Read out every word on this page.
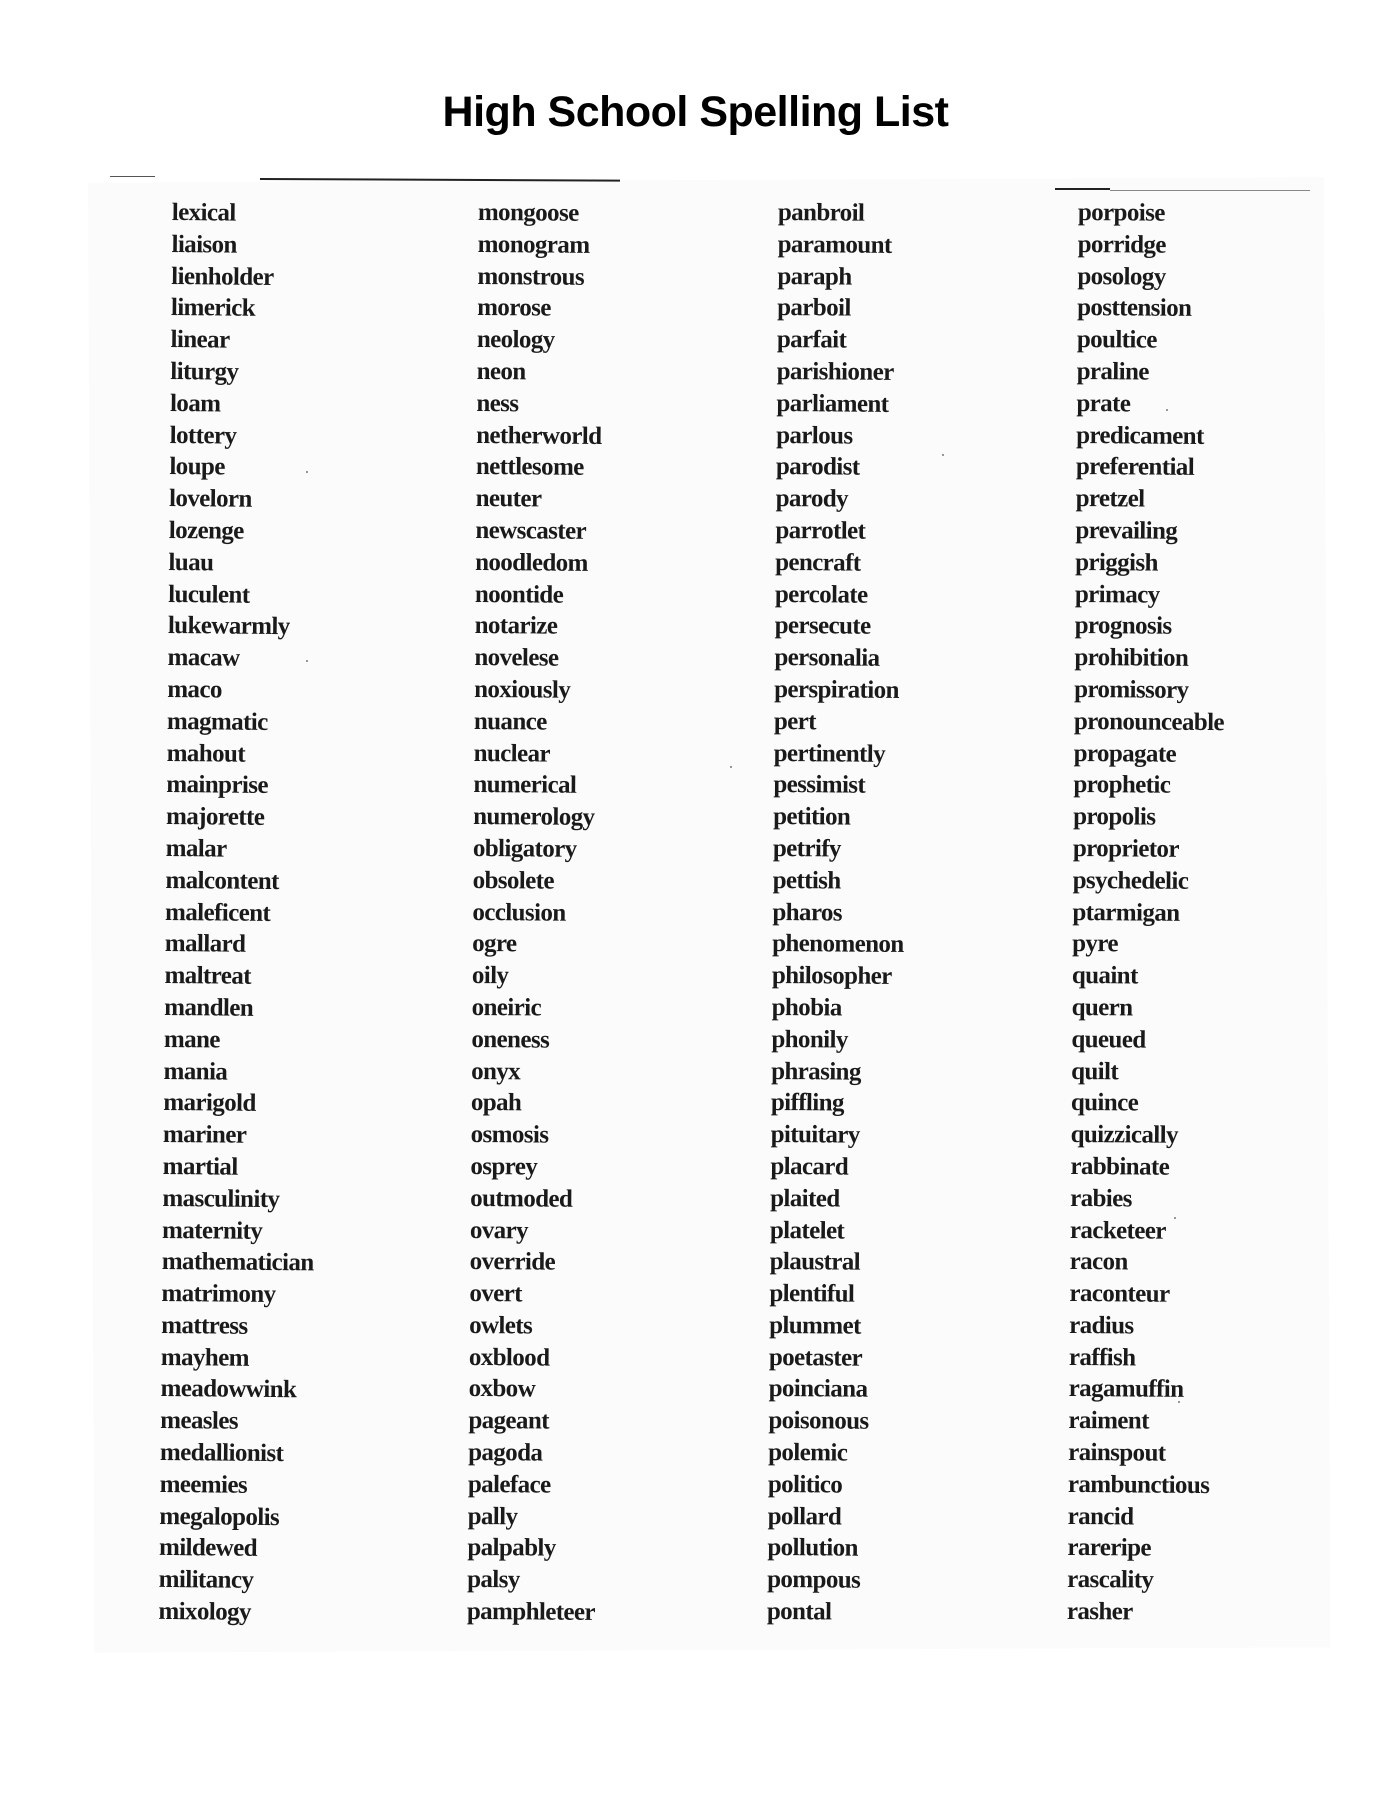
High School Spelling List
lexical
liaison
lienholder
limerick
linear
liturgy
loam
lottery
loupe
lovelorn
lozenge
luau
luculent
lukewarmly
macaw
maco
magmatic
mahout
mainprise
majorette
malar
malcontent
maleficent
mallard
maltreat
mandlen
mane
mania
marigold
mariner
martial
masculinity
maternity
mathematician
matrimony
mattress
mayhem
meadowwink
measles
medallionist
meemies
megalopolis
mildewed
militancy
mixology
mongoose
monogram
monstrous
morose
neology
neon
ness
netherworld
nettlesome
neuter
newscaster
noodledom
noontide
notarize
novelese
noxiously
nuance
nuclear
numerical
numerology
obligatory
obsolete
occlusion
ogre
oily
oneiric
oneness
onyx
opah
osmosis
osprey
outmoded
ovary
override
overt
owlets
oxblood
oxbow
pageant
pagoda
paleface
pally
palpably
palsy
pamphleteer
panbroil
paramount
paraph
parboil
parfait
parishioner
parliament
parlous
parodist
parody
parrotlet
pencraft
percolate
persecute
personalia
perspiration
pert
pertinently
pessimist
petition
petrify
pettish
pharos
phenomenon
philosopher
phobia
phonily
phrasing
piffling
pituitary
placard
plaited
platelet
plaustral
plentiful
plummet
poetaster
poinciana
poisonous
polemic
politico
pollard
pollution
pompous
pontal
porpoise
porridge
posology
posttension
poultice
praline
prate
predicament
preferential
pretzel
prevailing
priggish
primacy
prognosis
prohibition
promissory
pronounceable
propagate
prophetic
propolis
proprietor
psychedelic
ptarmigan
pyre
quaint
quern
queued
quilt
quince
quizzically
rabbinate
rabies
racketeer
racon
raconteur
radius
raffish
ragamuffin
raiment
rainspout
rambunctious
rancid
rareripe
rascality
rasher
